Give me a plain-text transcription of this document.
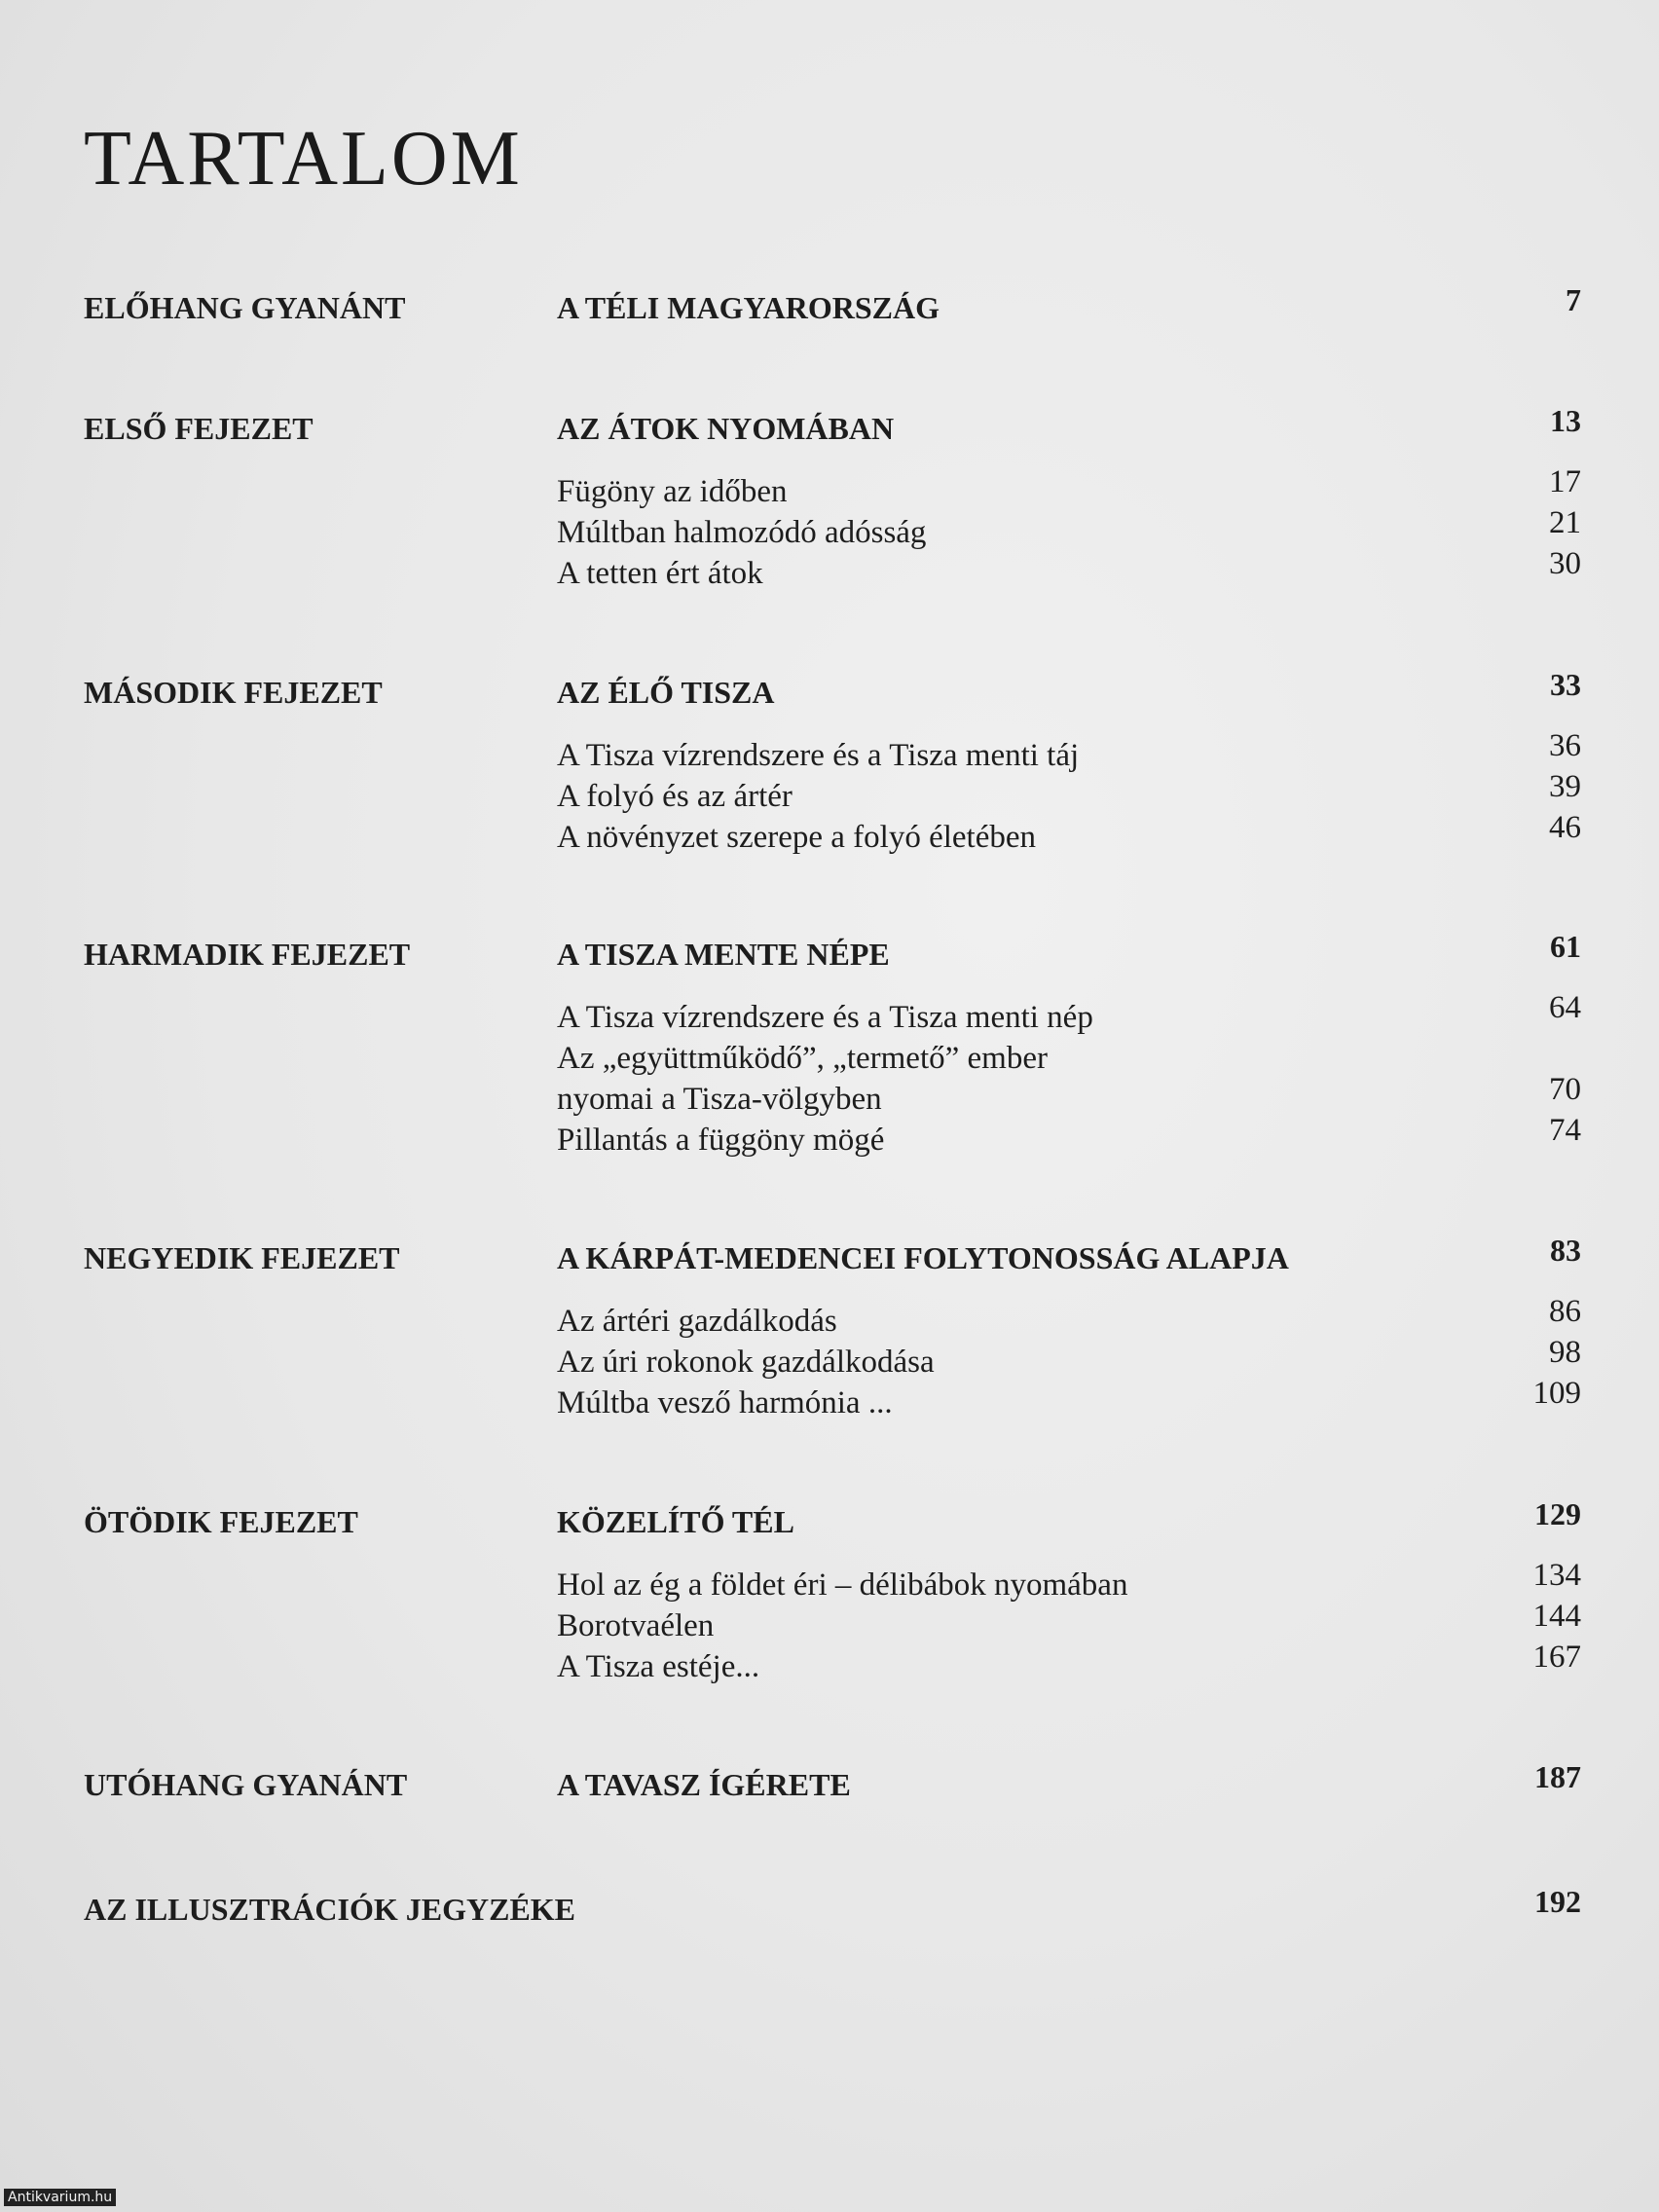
TARTALOM
ELŐHANG GYANÁNT	A TÉLI MAGYARORSZÁG	7
ELSŐ FEJEZET	AZ ÁTOK NYOMÁBAN	13
Fügöny az időben	17
Múltban halmozódó adósság	21
A tetten ért átok	30
MÁSODIK FEJEZET	AZ ÉLŐ TISZA	33
A Tisza vízrendszere és a Tisza menti táj	36
A folyó és az ártér	39
A növényzet szerepe a folyó életében	46
HARMADIK FEJEZET	A TISZA MENTE NÉPE	61
A Tisza vízrendszere és a Tisza menti nép	64
Az „együttműködő”, „termető” ember
nyomai a Tisza-völgyben	70
Pillantás a függöny mögé	74
NEGYEDIK FEJEZET	A KÁRPÁT-MEDENCEI FOLYTONOSSÁG ALAPJA	83
Az ártéri gazdálkodás	86
Az úri rokonok gazdálkodása	98
Múltba vesző harmónia ...	109
ÖTÖDIK FEJEZET	KÖZELÍTŐ TÉL	129
Hol az ég a földet éri – délibábok nyomában	134
Borotvaélen	144
A Tisza estéje...	167
UTÓHANG GYANÁNT	A TAVASZ ÍGÉRETE	187
AZ ILLUSZTRÁCIÓK JEGYZÉKE	192
Antikvarium.hu
